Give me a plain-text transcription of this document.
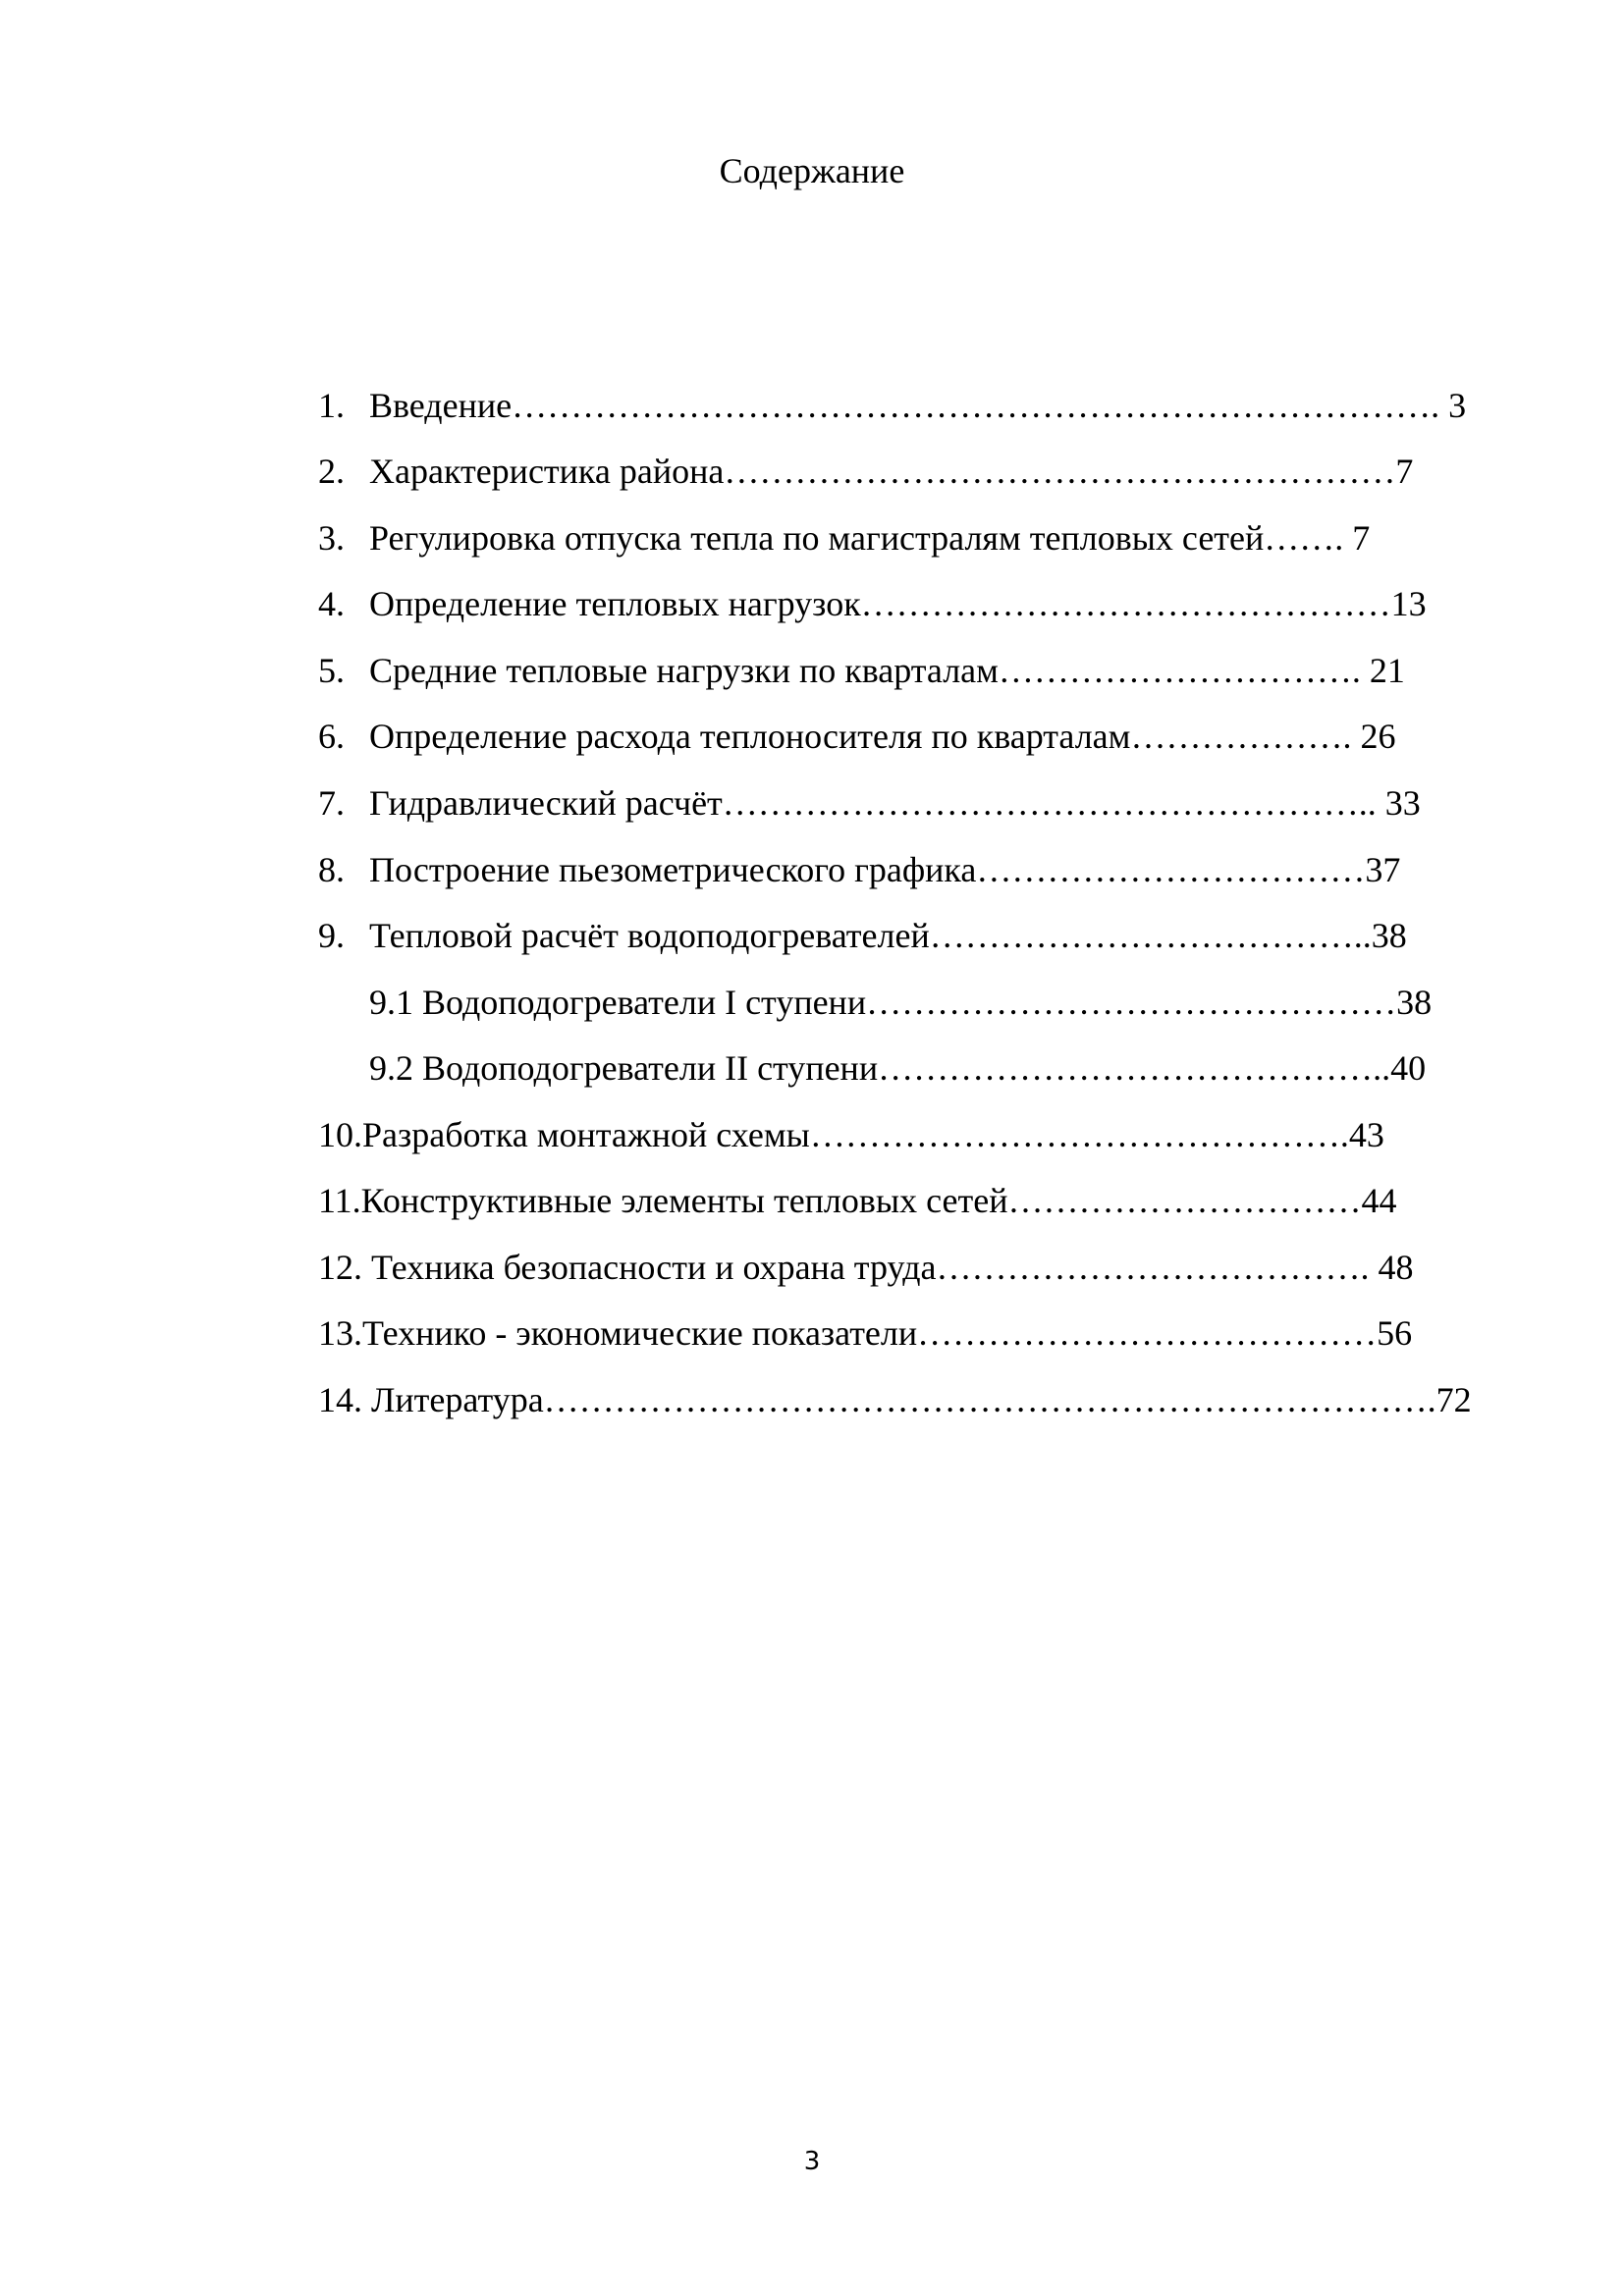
Содержание

1. Введение……………………………………………………………………. 3

2. Характеристика района…………………………………………………7

3. Регулировка отпуска тепла по магистралям тепловых сетей……. 7

4. Определение тепловых нагрузок………………………………………13

5. Средние тепловые нагрузки по кварталам…………………………. 21

6. Определение расхода теплоносителя по кварталам………………. 26

7. Гидравлический расчёт……………………………………………….. 33

8. Построение пьезометрического графика……………………………37

9. Тепловой расчёт водоподогревателей………………………………..38

9.1 Водоподогреватели I ступени………………………………………38

9.2 Водоподогреватели II ступени……………………………………..40

10.Разработка монтажной схемы……………………………………….43

11.Конструктивные элементы тепловых сетей…………………………44

12. Техника безопасности и охрана труда………………………………. 48

13.Технико - экономические показатели…………………………………56

14. Литература………………………………………………………………….72

3
